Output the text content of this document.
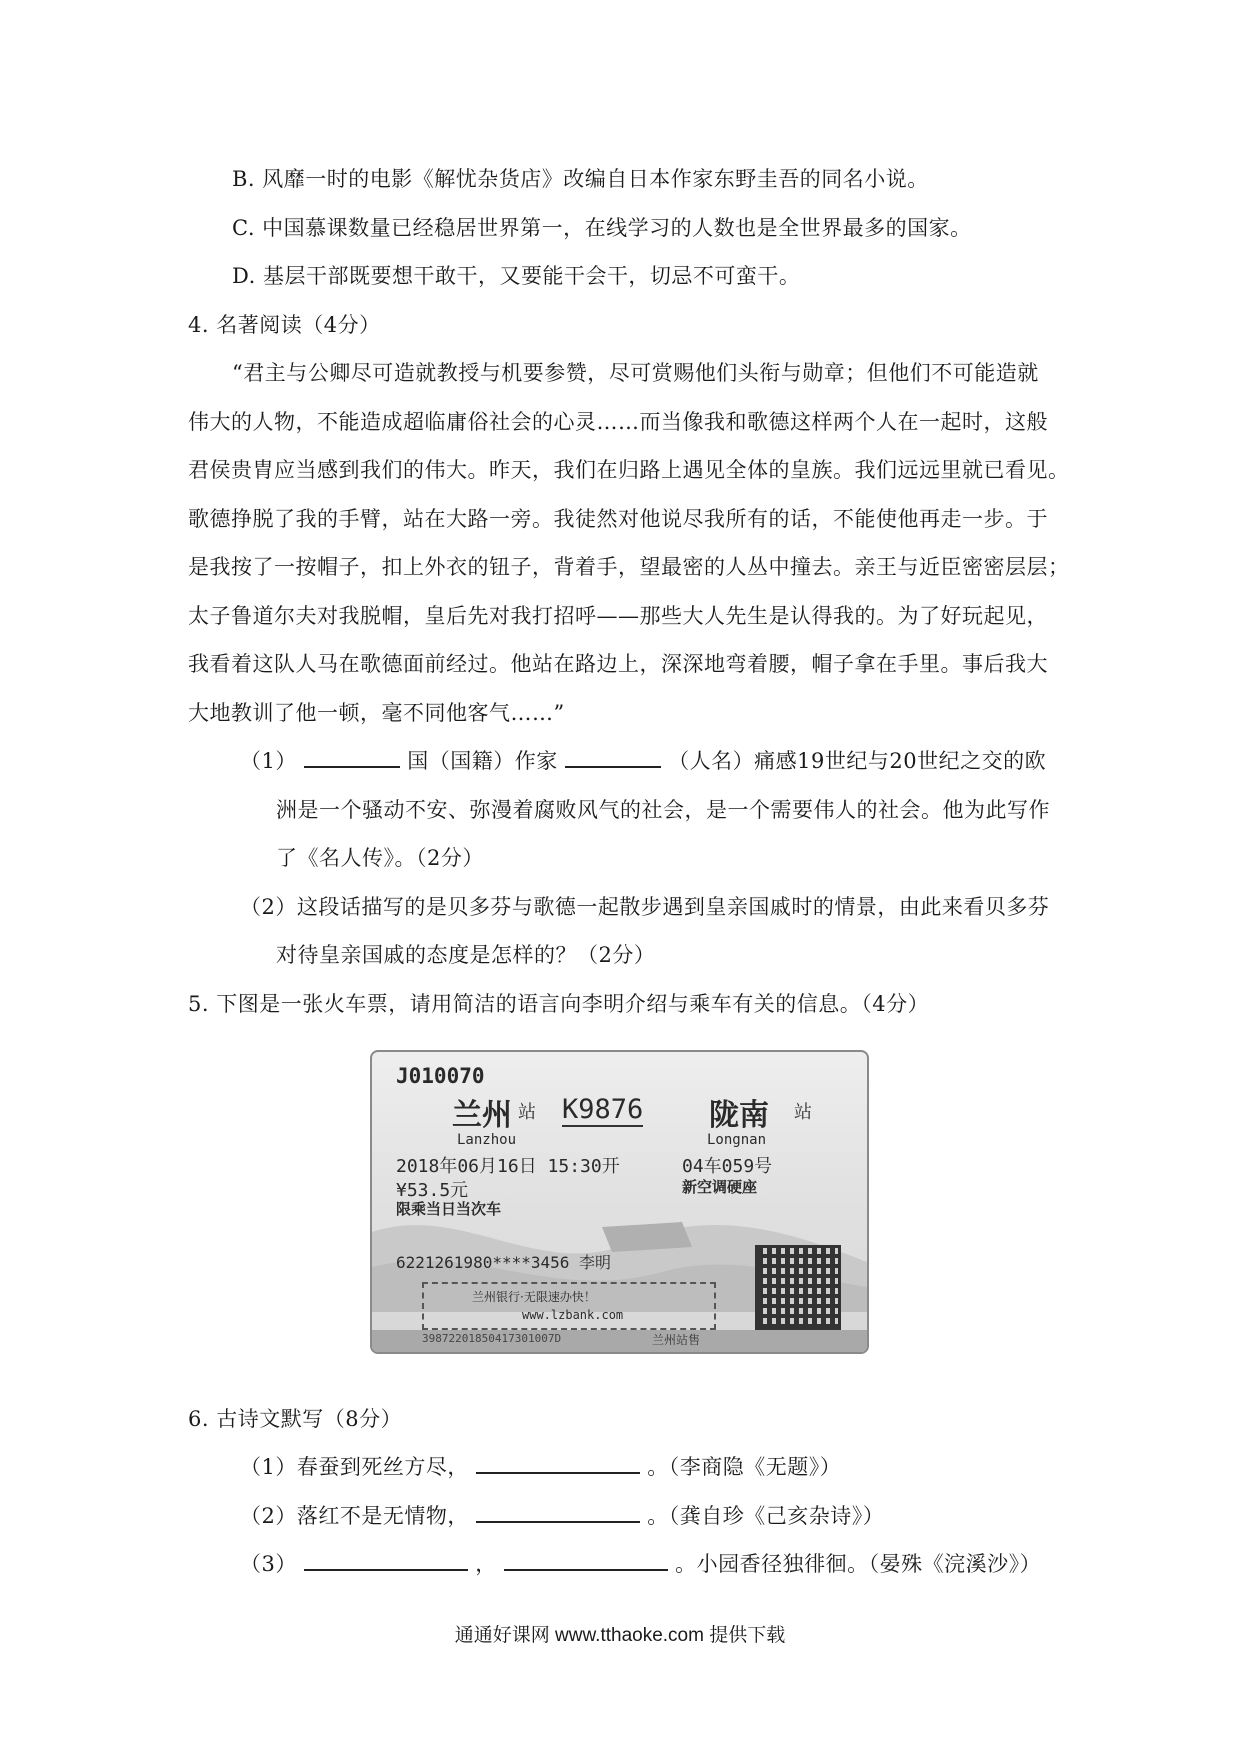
B. 风靡一时的电影《解忧杂货店》改编自日本作家东野圭吾的同名小说。
C. 中国慕课数量已经稳居世界第一，在线学习的人数也是全世界最多的国家。
D. 基层干部既要想干敢干，又要能干会干，切忌不可蛮干。
4. 名著阅读（4分）
“君主与公卿尽可造就教授与机要参赞，尽可赏赐他们头衔与勋章；但他们不可能造就
伟大的人物，不能造成超临庸俗社会的心灵……而当像我和歌德这样两个人在一起时，这般
君侯贵胄应当感到我们的伟大。昨天，我们在归路上遇见全体的皇族。我们远远里就已看见。
歌德挣脱了我的手臂，站在大路一旁。我徒然对他说尽我所有的话，不能使他再走一步。于
是我按了一按帽子，扣上外衣的钮子，背着手，望最密的人丛中撞去。亲王与近臣密密层层；
太子鲁道尔夫对我脱帽，皇后先对我打招呼——那些大人先生是认得我的。为了好玩起见，
我看着这队人马在歌德面前经过。他站在路边上，深深地弯着腰，帽子拿在手里。事后我大
大地教训了他一顿，毫不同他客气……”
（1）	国（国籍）作家	（人名）痛感19世纪与20世纪之交的欧
洲是一个骚动不安、弥漫着腐败风气的社会，是一个需要伟人的社会。他为此写作
了《名人传》。（2分）
（2）这段话描写的是贝多芬与歌德一起散步遇到皇亲国戚时的情景，由此来看贝多芬
对待皇亲国戚的态度是怎样的？（2分）
5. 下图是一张火车票，请用简洁的语言向李明介绍与乘车有关的信息。（4分）
J010070
兰州 站 K9876 陇南 站
Lanzhou	Longnan
2018年06月16日 15:30开	04车059号
¥53.5元	新空调硬座
限乘当日当次车
6221261980****3456 李明
兰州银行·无限速办快！
www.lzbank.com
39872201850417301007D	兰州站售
6. 古诗文默写（8分）
（1）春蚕到死丝方尽，	。（李商隐《无题》）
（2）落红不是无情物，	。（龚自珍《己亥杂诗》）
（3）	，	。小园香径独徘徊。（晏殊《浣溪沙》）
通通好课网 www.tthaoke.com 提供下载
